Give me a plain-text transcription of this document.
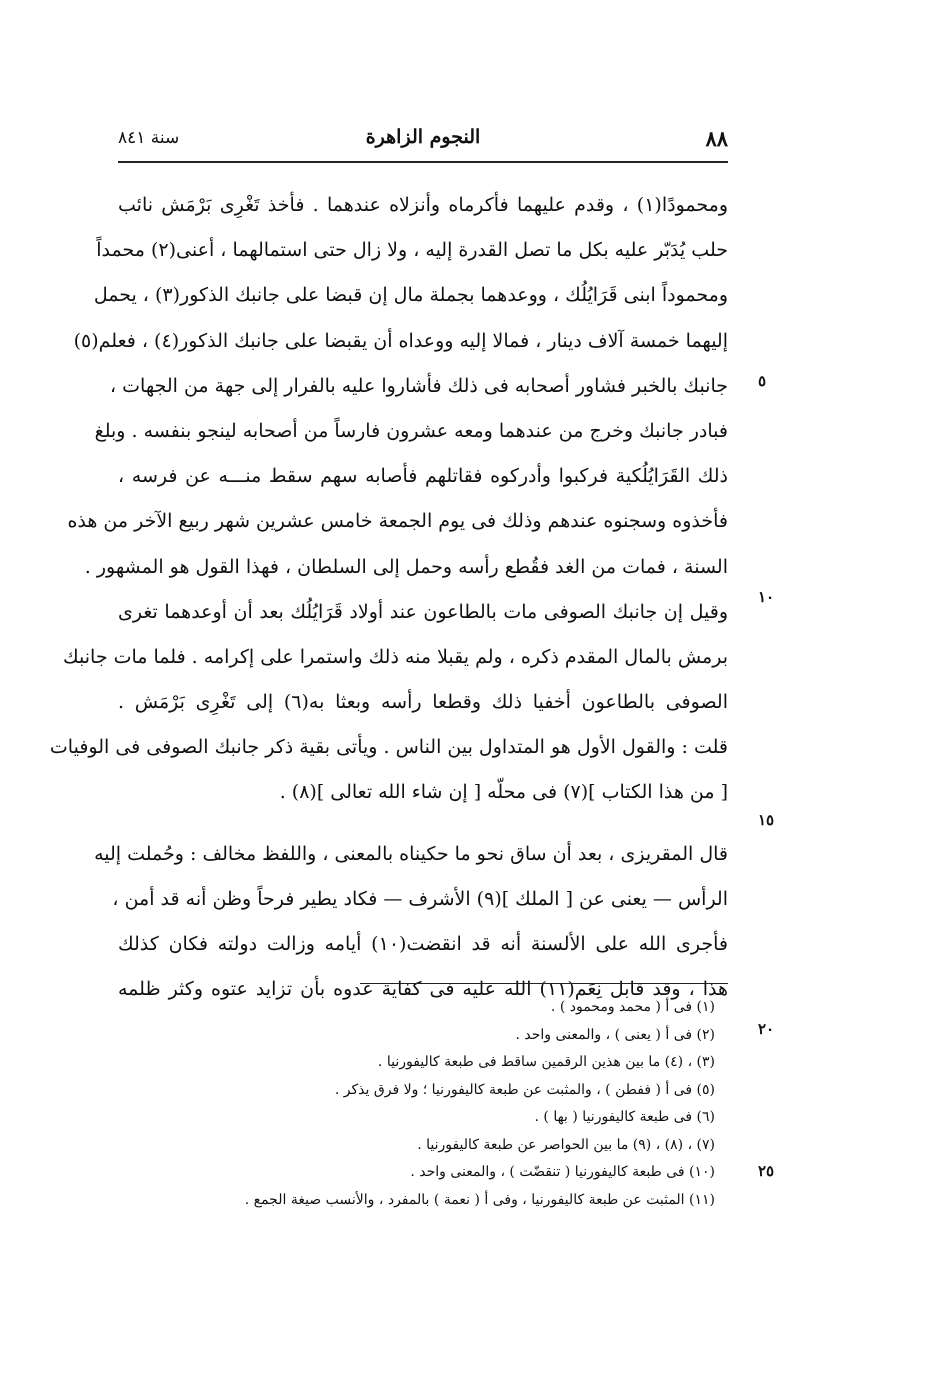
٨٨
النجوم الزاهرة
سنة ٨٤١
٥
١٠
١٥
٢٠
٢٥
ومحمودًا(١) ، وقدم عليهما فأكرماه وأنزلاه عندهما . فأخذ تَغْرِى بَرْمَش نائب
حلب يُدَبّر عليه بكل ما تصل القدرة إليه ، ولا زال حتى استمالهما ، أعنى(٢) محمداً
ومحموداً ابنى قَرَايُلُك ، ووعدهما بجملة مال إن قبضا على جانبك الذكور(٣) ، يحمل
إليهما خمسة آلاف دينار ، فمالا إليه ووعداه أن يقبضا على جانبك الذكور(٤) ، فعلم(٥)
جانبك بالخبر فشاور أصحابه فى ذلك فأشاروا عليه بالفرار إلى جهة من الجهات ،
فبادر جانبك وخرج من عندهما ومعه عشرون فارساً من أصحابه لينجو بنفسه . وبلغ
ذلك القَرَايُلُكية فركبوا وأدركوه فقاتلهم فأصابه سهم سقط منـــه عن فرسه ،
فأخذوه وسجنوه عندهم وذلك فى يوم الجمعة خامس عشرين شهر ربيع الآخر من هذه
السنة ، فمات من الغد فقُطع رأسه وحمل إلى السلطان ، فهذا القول هو المشهور .
وقيل إن جانبك الصوفى مات بالطاعون عند أولاد قَرَايُلُك بعد أن أوعدهما تغرى
برمش بالمال المقدم ذكره ، ولم يقبلا منه ذلك واستمرا على إكرامه . فلما مات جانبك
الصوفى بالطاعون أخفيا ذلك وقطعا رأسه وبعثا به(٦) إلى تَغْرِى بَرْمَش .
قلت : والقول الأول هو المتداول بين الناس . ويأتى بقية ذكر جانبك الصوفى فى الوفيات
[ من هذا الكتاب ](٧) فى محلّه [ إن شاء الله تعالى ](٨) .
قال المقريزى ، بعد أن ساق نحو ما حكيناه بالمعنى ، واللفظ مخالف : وحُملت إليه
الرأس — يعنى عن [ الملك ](٩) الأشرف — فكاد يطير فرحاً وظن أنه قد أمن ،
فأجرى الله على الألسنة أنه قد انقضت(١٠) أيامه وزالت دولته فكان كذلك
هذا ، وقد قابل نِعَم(١١) الله عليه فى كفاية عدوه بأن تزايد عتوه وكثر ظلمه
(١) فى أ ( محمد ومحمود ) .
(٢) فى أ ( يعنى ) ، والمعنى واحد .
(٣) ، (٤) ما بين هذين الرقمين ساقط فى طبعة كاليفورنيا .
(٥) فى أ ( ففطن ) ، والمثبت عن طبعة كاليفورنيا ؛ ولا فرق يذكر .
(٦) فى طبعة كاليفورنيا ( بها ) .
(٧) ، (٨) ، (٩) ما بين الحواصر عن طبعة كاليفورنيا .
(١٠) فى طبعة كاليفورنيا ( تنقضّت ) ، والمعنى واحد .
(١١) المثبت عن طبعة كاليفورنيا ، وفى أ ( نعمة ) بالمفرد ، والأنسب صيغة الجمع .
